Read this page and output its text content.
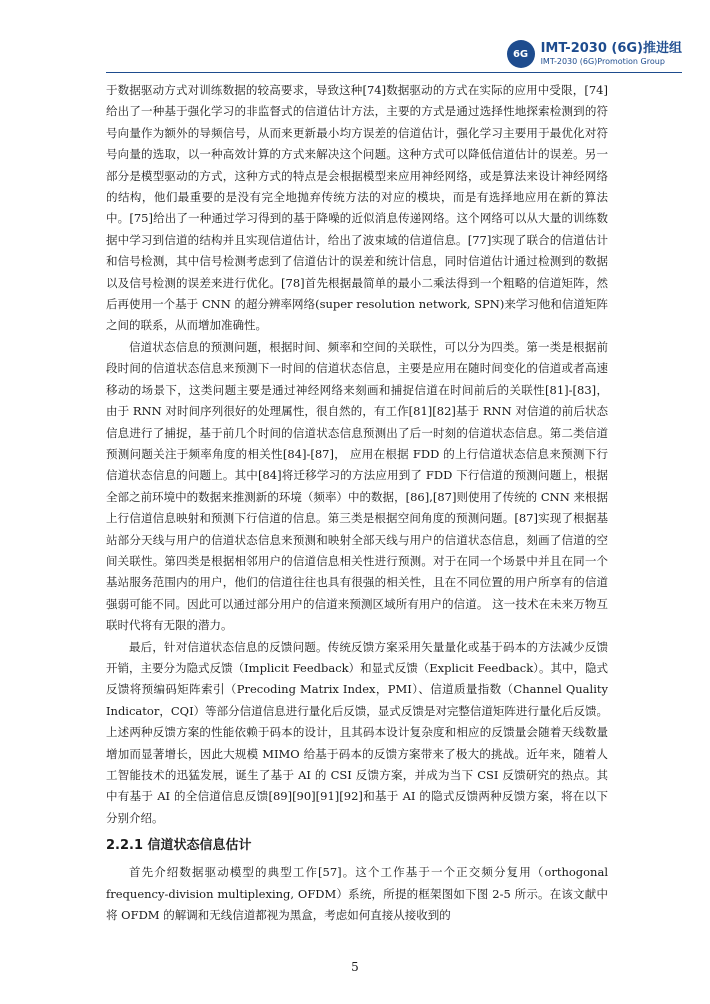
6G IMT-2030 (6G)推进组
IMT-2030 (6G)Promotion Group

于数据驱动方式对训练数据的较高要求，导致这种[74]数据驱动的方式在实际的应用中受限，[74]给出了一种基于强化学习的非监督式的信道估计方法，主要的方式是通过选择性地探索检测到的符号向量作为额外的导频信号，从而来更新最小均方误差的信道估计，强化学习主要用于最优化对符号向量的选取，以一种高效计算的方式来解决这个问题。这种方式可以降低信道估计的误差。另一部分是模型驱动的方式，这种方式的特点是会根据模型来应用神经网络，或是算法来设计神经网络的结构，他们最重要的是没有完全地抛弃传统方法的对应的模块，而是有选择地应用在新的算法中。[75]给出了一种通过学习得到的基于降噪的近似消息传递网络。这个网络可以从大量的训练数据中学习到信道的结构并且实现信道估计，给出了波束域的信道信息。[77]实现了联合的信道估计和信号检测，其中信号检测考虑到了信道估计的误差和统计信息，同时信道估计通过检测到的数据以及信号检测的误差来进行优化。[78]首先根据最简单的最小二乘法得到一个粗略的信道矩阵，然后再使用一个基于 CNN 的超分辨率网络(super resolution network, SPN)来学习他和信道矩阵之间的联系，从而增加准确性。

信道状态信息的预测问题，根据时间、频率和空间的关联性，可以分为四类。第一类是根据前段时间的信道状态信息来预测下一时间的信道状态信息，主要是应用在随时间变化的信道或者高速移动的场景下，这类问题主要是通过神经网络来刻画和捕捉信道在时间前后的关联性[81]-[83]， 由于 RNN 对时间序列很好的处理属性，很自然的，有工作[81][82]基于 RNN 对信道的前后状态信息进行了捕捉，基于前几个时间的信道状态信息预测出了后一时刻的信道状态信息。第二类信道预测问题关注于频率角度的相关性[84]-[87]， 应用在根据 FDD 的上行信道状态信息来预测下行信道状态信息的问题上。其中[84]将迁移学习的方法应用到了 FDD 下行信道的预测问题上，根据全部之前环境中的数据来推测新的环境（频率）中的数据，[86],[87]则使用了传统的 CNN 来根据上行信道信息映射和预测下行信道的信息。第三类是根据空间角度的预测问题。[87]实现了根据基站部分天线与用户的信道状态信息来预测和映射全部天线与用户的信道状态信息，刻画了信道的空间关联性。第四类是根据相邻用户的信道信息相关性进行预测。对于在同一个场景中并且在同一个基站服务范围内的用户，他们的信道往往也具有很强的相关性，且在不同位置的用户所享有的信道强弱可能不同。因此可以通过部分用户的信道来预测区域所有用户的信道。 这一技术在未来万物互联时代将有无限的潜力。

最后，针对信道状态信息的反馈问题。传统反馈方案采用矢量量化或基于码本的方法减少反馈开销，主要分为隐式反馈（Implicit Feedback）和显式反馈（Explicit Feedback）。其中，隐式反馈将预编码矩阵索引（Precoding Matrix Index，PMI）、信道质量指数（Channel Quality Indicator，CQI）等部分信道信息进行量化后反馈，显式反馈是对完整信道矩阵进行量化后反馈。上述两种反馈方案的性能依赖于码本的设计，且其码本设计复杂度和相应的反馈量会随着天线数量增加而显著增长，因此大规模 MIMO 给基于码本的反馈方案带来了极大的挑战。近年来，随着人工智能技术的迅猛发展，诞生了基于 AI 的 CSI 反馈方案，并成为当下 CSI 反馈研究的热点。其中有基于 AI 的全信道信息反馈[89][90][91][92]和基于 AI 的隐式反馈两种反馈方案，将在以下分别介绍。

2.2.1 信道状态信息估计

首先介绍数据驱动模型的典型工作[57]。这个工作基于一个正交频分复用（orthogonal frequency-division multiplexing, OFDM）系统，所提的框架图如下图 2-5 所示。在该文献中将 OFDM 的解调和无线信道都视为黑盒，考虑如何直接从接收到的

5
